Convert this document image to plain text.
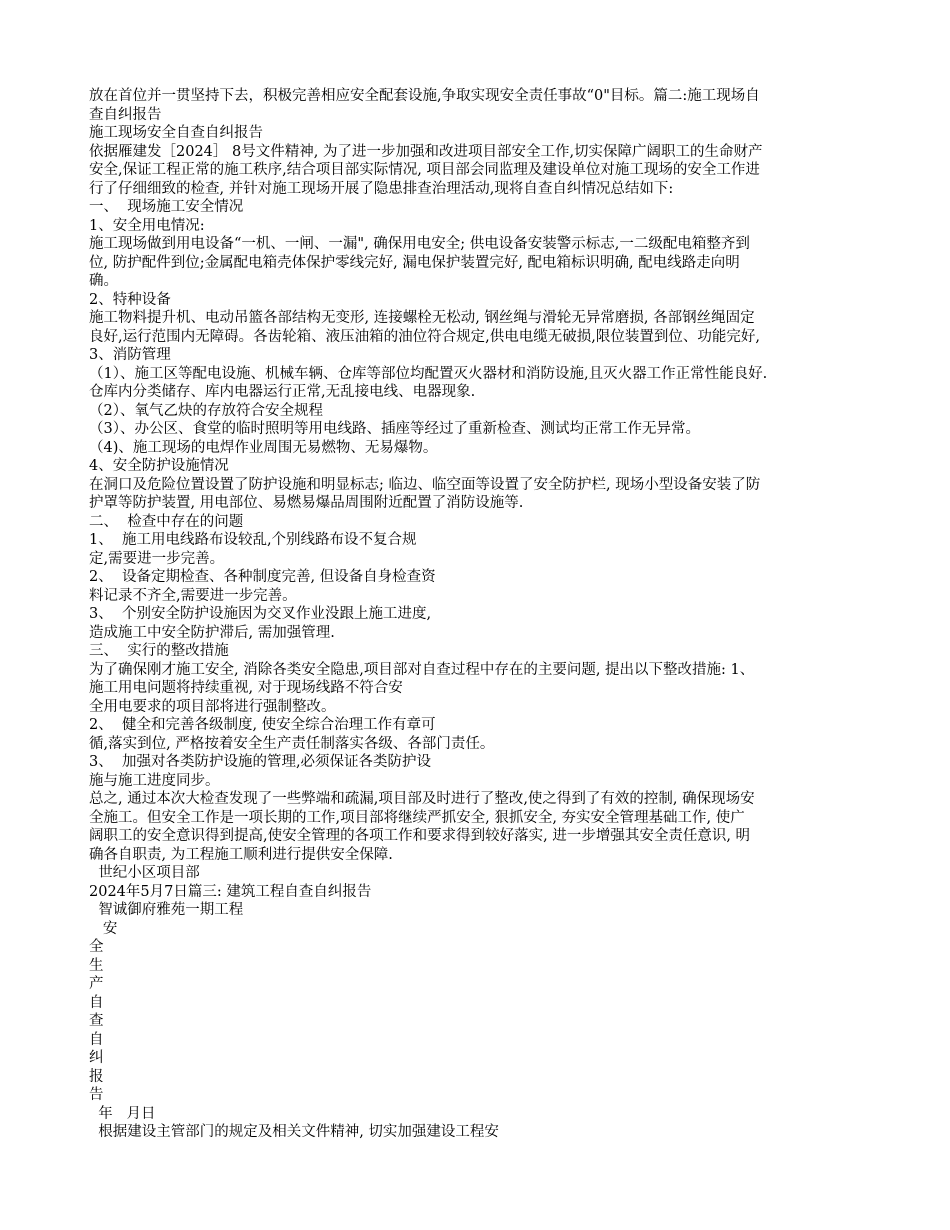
放在首位并一贯坚持下去，积极完善相应安全配套设施,争取实现安全责任事故“0"目标。篇二:施工现场自
查自纠报告
施工现场安全自查自纠报告
依据雁建发［2024］ 8号文件精神, 为了进一步加强和改进项目部安全工作,切实保障广阔职工的生命财产
安全,保证工程正常的施工秩序,结合项目部实际情况, 项目部会同监理及建设单位对施工现场的安全工作进
行了仔细细致的检查, 并针对施工现场开展了隐患排查治理活动,现将自查自纠情况总结如下:
一、  现场施工安全情况
1、安全用电情况:
施工现场做到用电设备“一机、一闸、一漏", 确保用电安全; 供电设备安装警示标志,一二级配电箱整齐到
位, 防护配件到位;金属配电箱壳体保护零线完好, 漏电保护装置完好, 配电箱标识明确, 配电线路走向明
确。
2、特种设备
施工物料提升机、电动吊篮各部结构无变形, 连接螺栓无松动, 钢丝绳与滑轮无异常磨损, 各部钢丝绳固定
良好,运行范围内无障碍。各齿轮箱、液压油箱的油位符合规定,供电电缆无破损,限位装置到位、功能完好,
3、消防管理
（1）、施工区等配电设施、机械车辆、仓库等部位均配置灭火器材和消防设施,且灭火器工作正常性能良好.
仓库内分类储存、库内电器运行正常,无乱接电线、电器现象.
（2）、氧气乙炔的存放符合安全规程
（3）、办公区、食堂的临时照明等用电线路、插座等经过了重新检查、测试均正常工作无异常。
（4)、施工现场的电焊作业周围无易燃物、无易爆物。
4、安全防护设施情况
在洞口及危险位置设置了防护设施和明显标志; 临边、临空面等设置了安全防护栏, 现场小型设备安装了防
护罩等防护装置, 用电部位、易燃易爆品周围附近配置了消防设施等.
二、  检查中存在的问题
1、  施工用电线路布设较乱,个别线路布设不复合规
定,需要进一步完善。
2、  设备定期检查、各种制度完善, 但设备自身检查资
料记录不齐全,需要进一步完善。
3、  个别安全防护设施因为交叉作业没跟上施工进度,
造成施工中安全防护滞后, 需加强管理.
三、  实行的整改措施
为了确保刚才施工安全, 消除各类安全隐患,项目部对自查过程中存在的主要问题, 提出以下整改措施: 1、
施工用电问题将持续重视, 对于现场线路不符合安
全用电要求的项目部将进行强制整改。
2、  健全和完善各级制度, 使安全综合治理工作有章可
循,落实到位, 严格按着安全生产责任制落实各级、各部门责任。
3、  加强对各类防护设施的管理,必须保证各类防护设
施与施工进度同步。
总之, 通过本次大检查发现了一些弊端和疏漏,项目部及时进行了整改,使之得到了有效的控制, 确保现场安
全施工。但安全工作是一项长期的工作,项目部将继续严抓安全, 狠抓安全, 夯实安全管理基础工作, 使广
阔职工的安全意识得到提高,使安全管理的各项工作和要求得到较好落实, 进一步增强其安全责任意识, 明
确各自职责, 为工程施工顺利进行提供安全保障.
世纪小区项目部
2024年5月7日篇三: 建筑工程自查自纠报告
智诚御府雅苑一期工程
安
全
生
产
自
查
自
纠
报
告
年   月日
根据建设主管部门的规定及相关文件精神, 切实加强建设工程安
